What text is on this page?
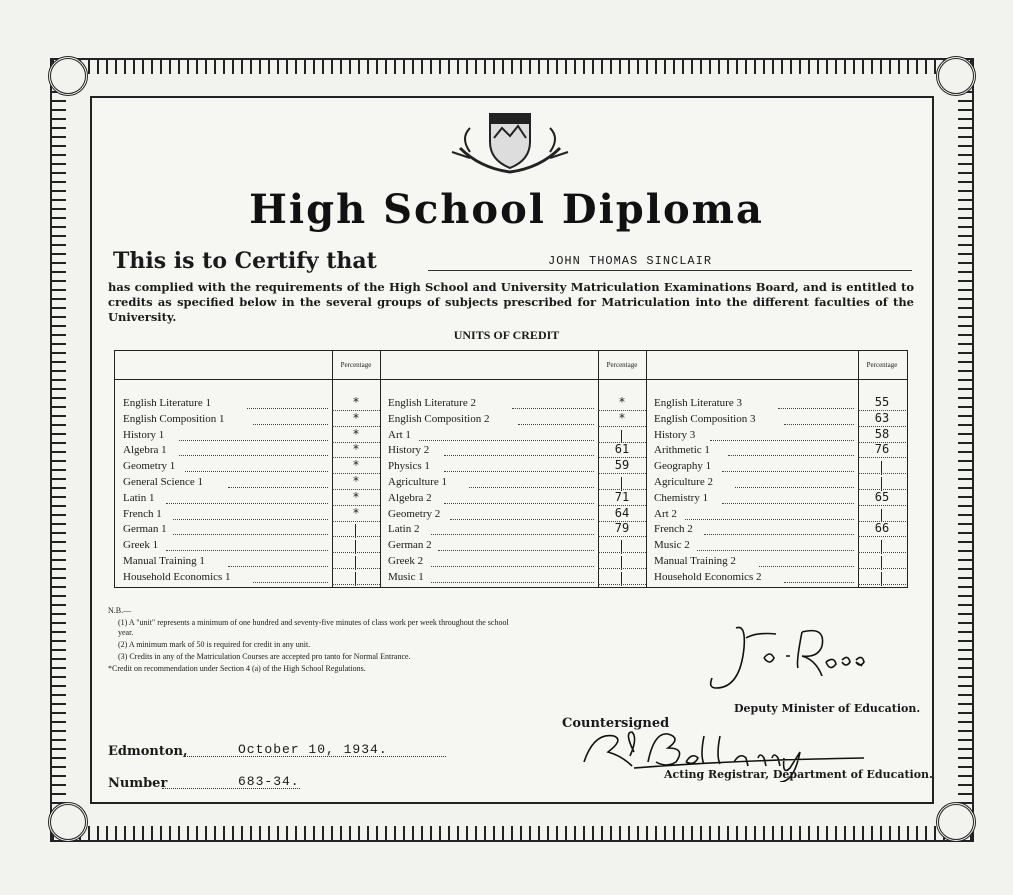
High School Diploma
This is to Certify that	JOHN THOMAS SINCLAIR
has complied with the requirements of the High School and University Matriculation Examinations Board, and is entitled to credits as specified below in the several groups of subjects prescribed for Matriculation into the different faculties of the University.
UNITS OF CREDIT
Percentage
English Literature 1	*
English Composition 1	*
History 1	*
Algebra 1	*
Geometry 1	*
General Science 1	*
Latin 1	*
French 1	*
German 1
Greek 1
Manual Training 1
Household Economics 1
Percentage
English Literature 2	*
English Composition 2	*
Art 1
History 2	61
Physics 1	59
Agriculture 1
Algebra 2	71
Geometry 2	64
Latin 2	79
German 2
Greek 2
Music 1
Percentage
English Literature 3	55
English Composition 3	63
History 3	58
Arithmetic 1	76
Geography 1
Agriculture 2
Chemistry 1	65
Art 2
French 2	66
Music 2
Manual Training 2
Household Economics 2

N.B.—

(1) A "unit" represents a minimum of one hundred and seventy-five minutes of class work per week throughout the school year.

(2) A minimum mark of 50 is required for credit in any unit.

(3) Credits in any of the Matriculation Courses are accepted pro tanto for Normal Entrance.

*Credit on recommendation under Section 4 (a) of the High School Regulations.

Deputy Minister of Education.
Countersigned
Acting Registrar, Department of Education.
Edmonton,	October 10, 1934.
Number	683-34.
